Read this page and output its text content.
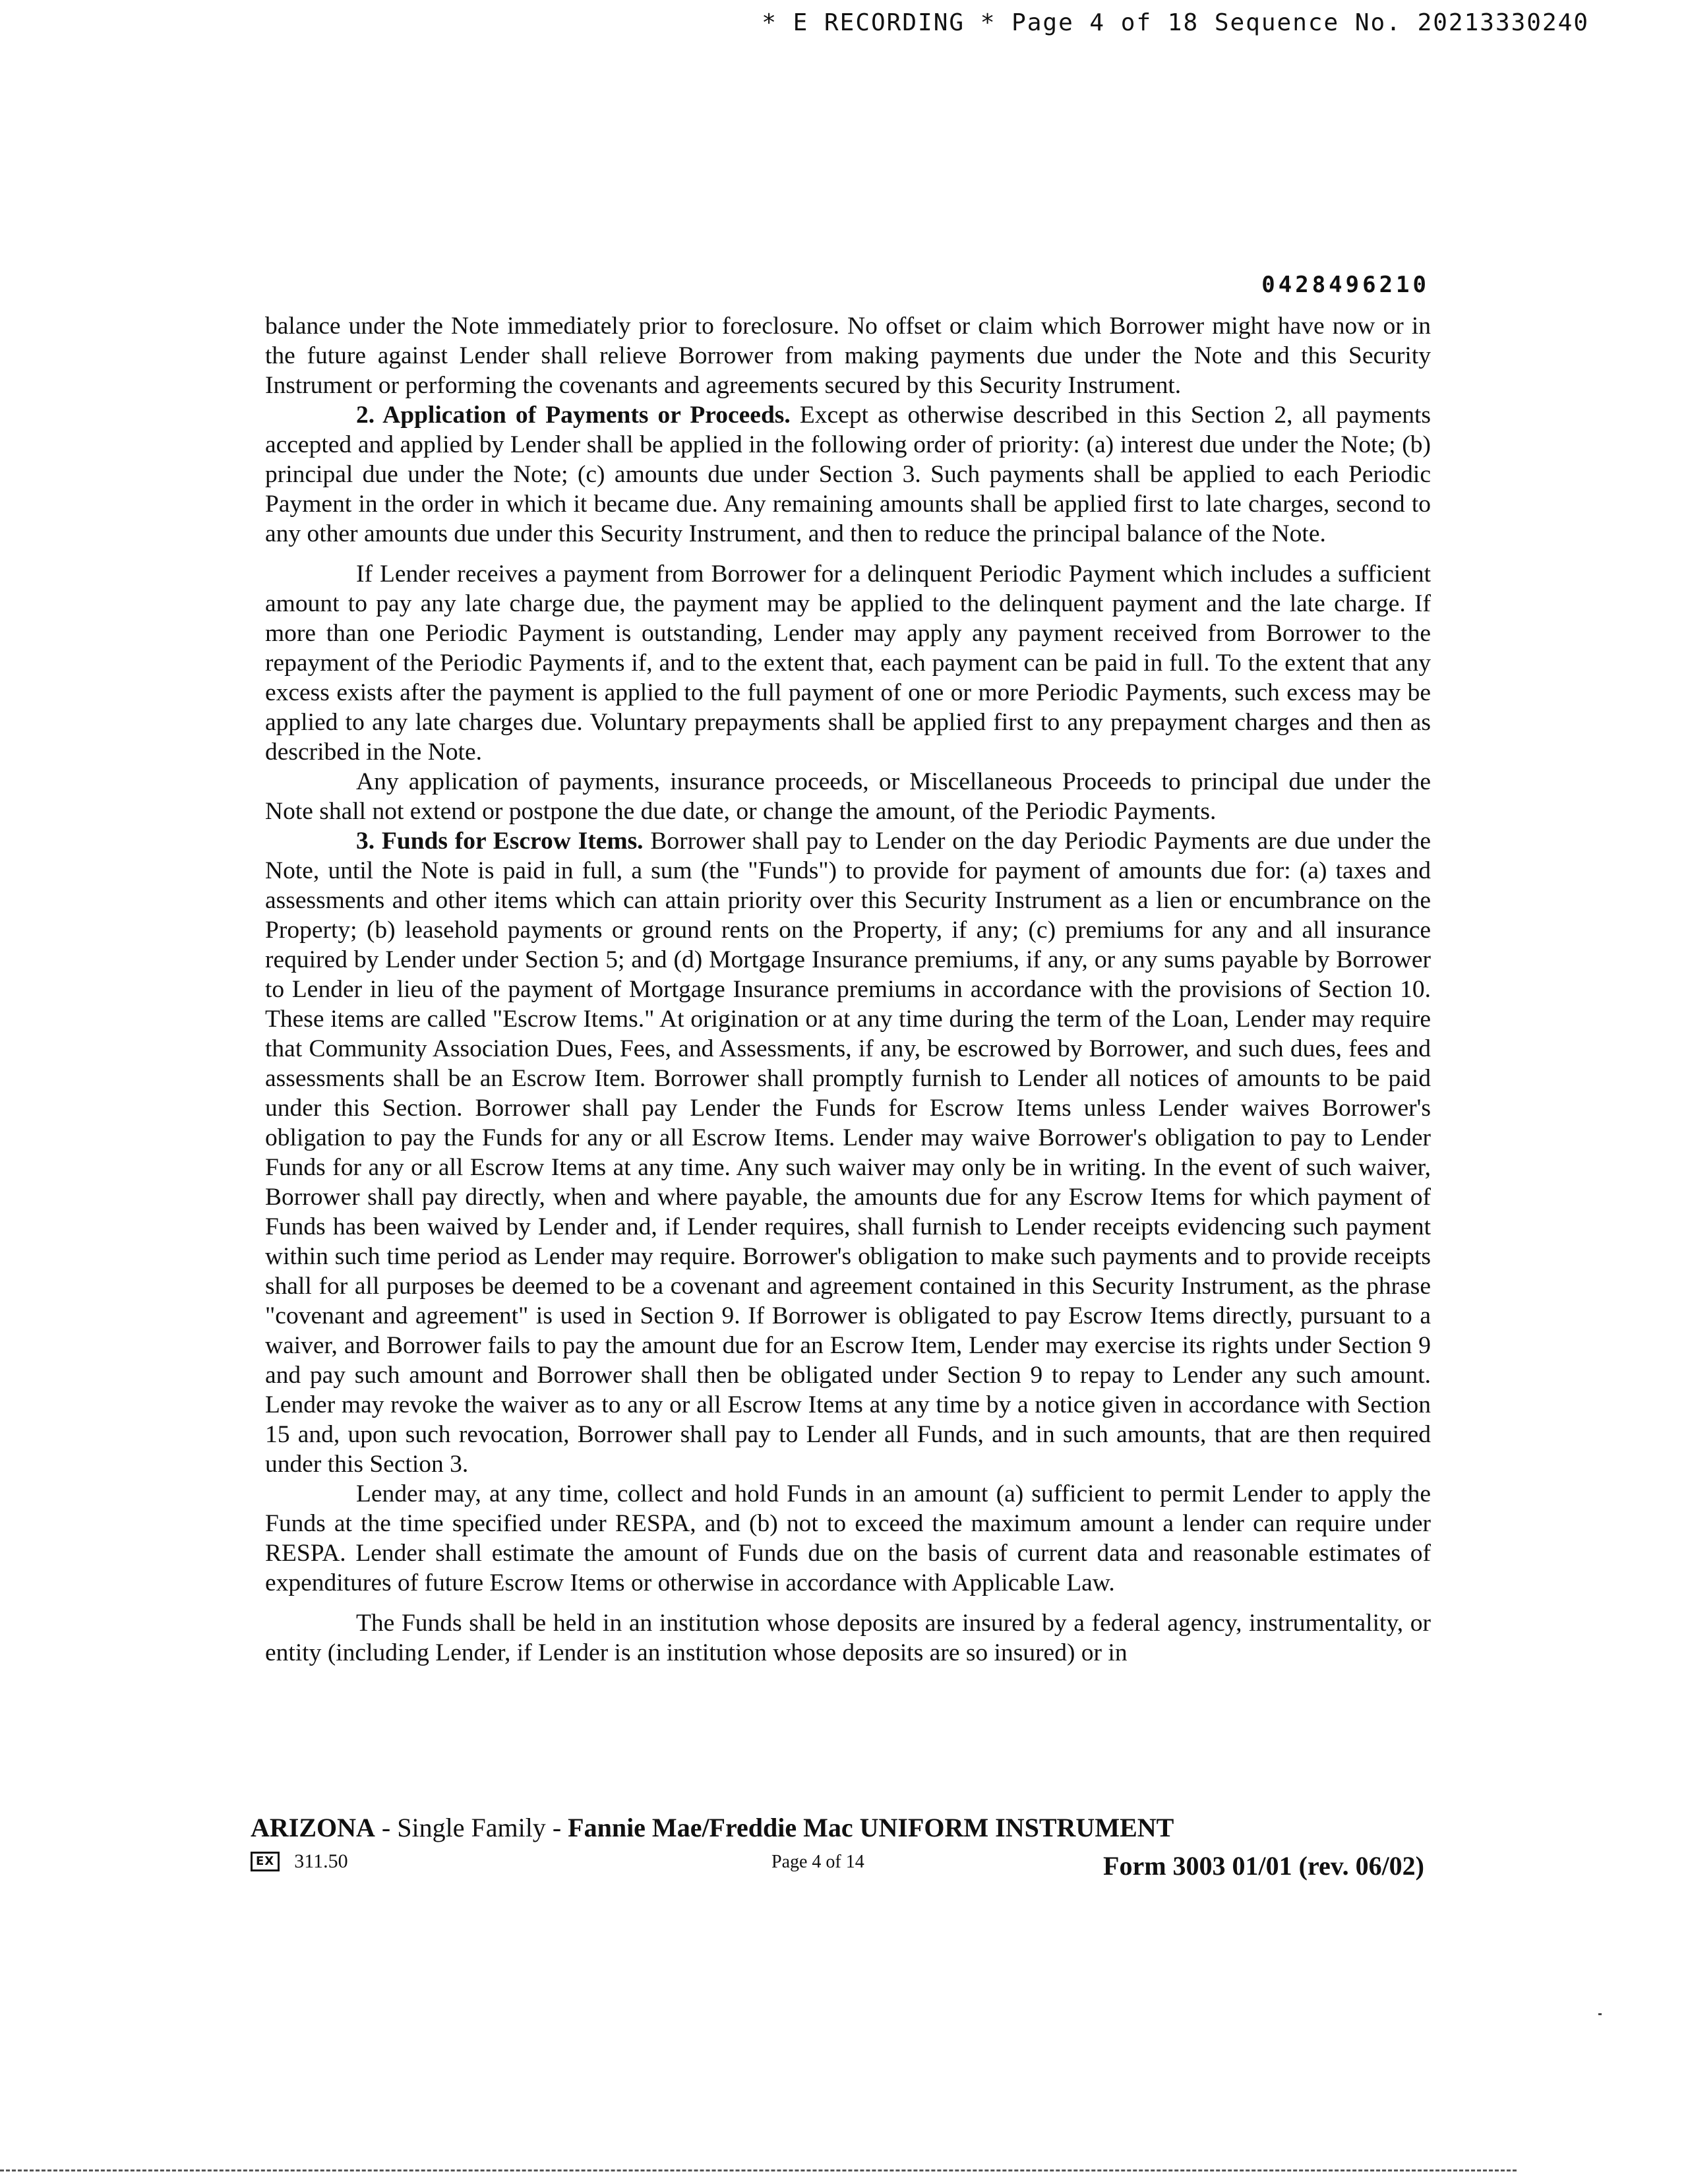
* E RECORDING * Page 4 of 18 Sequence No. 20213330240
0428496210

balance under the Note immediately prior to foreclosure. No offset or claim which Borrower might have now or in the future against Lender shall relieve Borrower from making payments due under the Note and this Security Instrument or performing the covenants and agreements secured by this Security Instrument.

2. Application of Payments or Proceeds. Except as otherwise described in this Section 2, all payments accepted and applied by Lender shall be applied in the following order of priority: (a) interest due under the Note; (b) principal due under the Note; (c) amounts due under Section 3. Such payments shall be applied to each Periodic Payment in the order in which it became due. Any remaining amounts shall be applied first to late charges, second to any other amounts due under this Security Instrument, and then to reduce the principal balance of the Note.

If Lender receives a payment from Borrower for a delinquent Periodic Payment which includes a sufficient amount to pay any late charge due, the payment may be applied to the delinquent payment and the late charge. If more than one Periodic Payment is outstanding, Lender may apply any payment received from Borrower to the repayment of the Periodic Payments if, and to the extent that, each payment can be paid in full. To the extent that any excess exists after the payment is applied to the full payment of one or more Periodic Payments, such excess may be applied to any late charges due. Voluntary prepayments shall be applied first to any prepayment charges and then as described in the Note.

Any application of payments, insurance proceeds, or Miscellaneous Proceeds to principal due under the Note shall not extend or postpone the due date, or change the amount, of the Periodic Payments.

3. Funds for Escrow Items. Borrower shall pay to Lender on the day Periodic Payments are due under the Note, until the Note is paid in full, a sum (the "Funds") to provide for payment of amounts due for: (a) taxes and assessments and other items which can attain priority over this Security Instrument as a lien or encumbrance on the Property; (b) leasehold payments or ground rents on the Property, if any; (c) premiums for any and all insurance required by Lender under Section 5; and (d) Mortgage Insurance premiums, if any, or any sums payable by Borrower to Lender in lieu of the payment of Mortgage Insurance premiums in accordance with the provisions of Section 10. These items are called "Escrow Items." At origination or at any time during the term of the Loan, Lender may require that Community Association Dues, Fees, and Assessments, if any, be escrowed by Borrower, and such dues, fees and assessments shall be an Escrow Item. Borrower shall promptly furnish to Lender all notices of amounts to be paid under this Section. Borrower shall pay Lender the Funds for Escrow Items unless Lender waives Borrower's obligation to pay the Funds for any or all Escrow Items. Lender may waive Borrower's obligation to pay to Lender Funds for any or all Escrow Items at any time. Any such waiver may only be in writing. In the event of such waiver, Borrower shall pay directly, when and where payable, the amounts due for any Escrow Items for which payment of Funds has been waived by Lender and, if Lender requires, shall furnish to Lender receipts evidencing such payment within such time period as Lender may require. Borrower's obligation to make such payments and to provide receipts shall for all purposes be deemed to be a covenant and agreement contained in this Security Instrument, as the phrase "covenant and agreement" is used in Section 9. If Borrower is obligated to pay Escrow Items directly, pursuant to a waiver, and Borrower fails to pay the amount due for an Escrow Item, Lender may exercise its rights under Section 9 and pay such amount and Borrower shall then be obligated under Section 9 to repay to Lender any such amount. Lender may revoke the waiver as to any or all Escrow Items at any time by a notice given in accordance with Section 15 and, upon such revocation, Borrower shall pay to Lender all Funds, and in such amounts, that are then required under this Section 3.

Lender may, at any time, collect and hold Funds in an amount (a) sufficient to permit Lender to apply the Funds at the time specified under RESPA, and (b) not to exceed the maximum amount a lender can require under RESPA. Lender shall estimate the amount of Funds due on the basis of current data and reasonable estimates of expenditures of future Escrow Items or otherwise in accordance with Applicable Law.

The Funds shall be held in an institution whose deposits are insured by a federal agency, instrumentality, or entity (including Lender, if Lender is an institution whose deposits are so insured) or in

ARIZONA - Single Family - Fannie Mae/Freddie Mac UNIFORM INSTRUMENT
EX 311.50	Page 4 of 14	Form 3003 01/01 (rev. 06/02)
